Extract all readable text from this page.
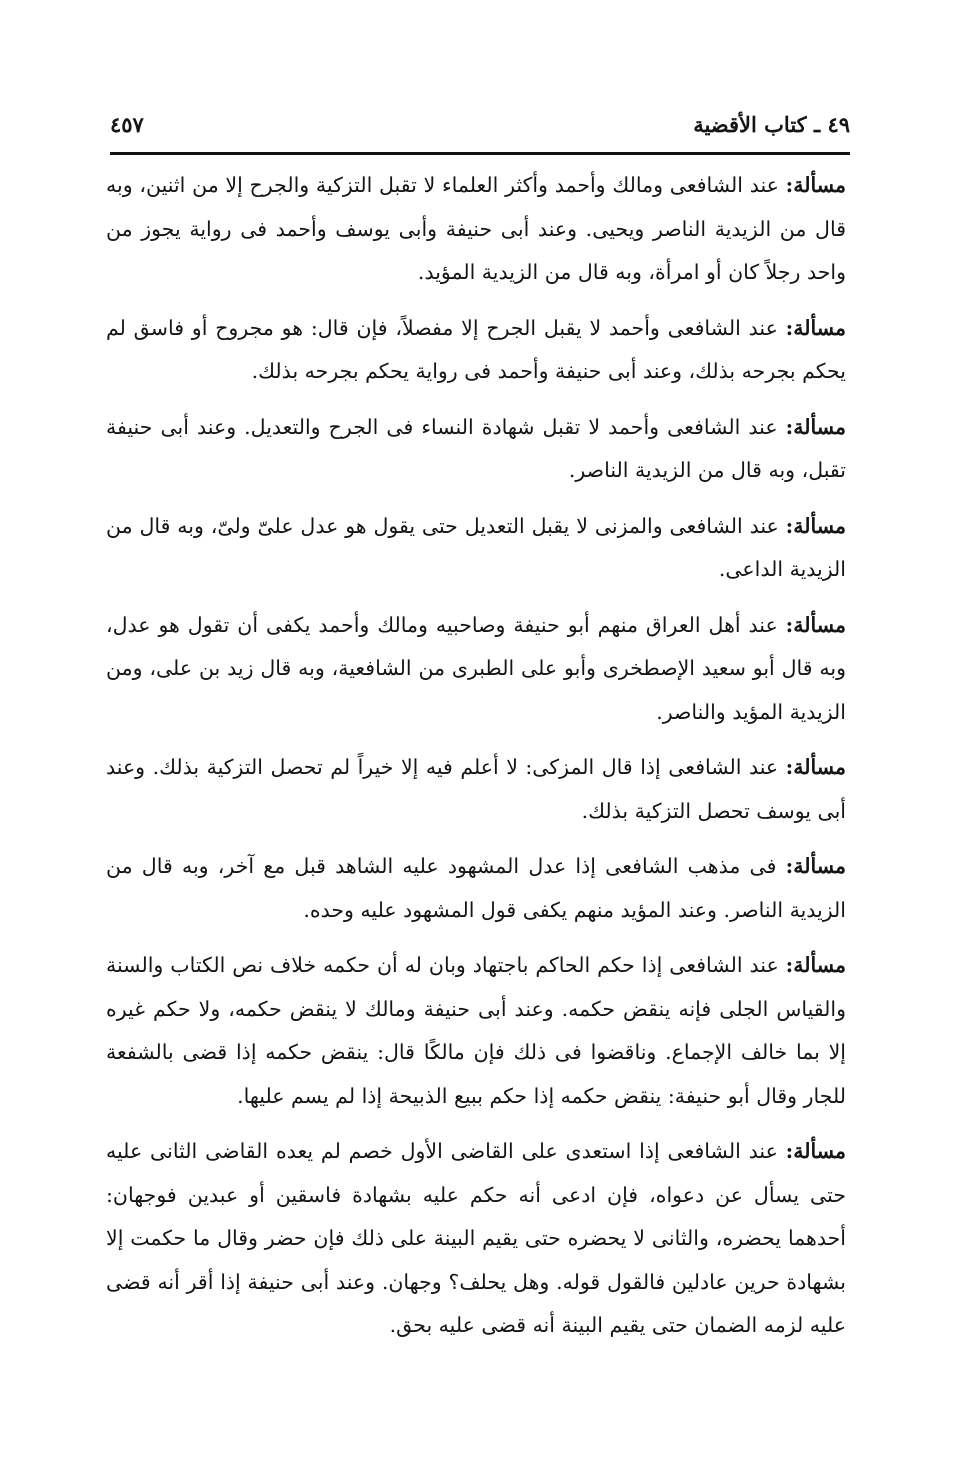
٤٩ ـ كتاب الأقضية
٤٥٧

مسألة: عند الشافعى ومالك وأحمد وأكثر العلماء لا تقبل التزكية والجرح إلا من اثنين، وبه قال من الزيدية الناصر ويحيى. وعند أبى حنيفة وأبى يوسف وأحمد فى رواية يجوز من واحد رجلاً كان أو امرأة، وبه قال من الزيدية المؤيد.

مسألة: عند الشافعى وأحمد لا يقبل الجرح إلا مفصلاً، فإن قال: هو مجروح أو فاسق لم يحكم بجرحه بذلك، وعند أبى حنيفة وأحمد فى رواية يحكم بجرحه بذلك.

مسألة: عند الشافعى وأحمد لا تقبل شهادة النساء فى الجرح والتعديل. وعند أبى حنيفة تقبل، وبه قال من الزيدية الناصر.

مسألة: عند الشافعى والمزنى لا يقبل التعديل حتى يقول هو عدل علىّ ولىّ، وبه قال من الزيدية الداعى.

مسألة: عند أهل العراق منهم أبو حنيفة وصاحبيه ومالك وأحمد يكفى أن تقول هو عدل، وبه قال أبو سعيد الإصطخرى وأبو على الطبرى من الشافعية، وبه قال زيد بن على، ومن الزيدية المؤيد والناصر.

مسألة: عند الشافعى إذا قال المزكى: لا أعلم فيه إلا خيراً لم تحصل التزكية بذلك. وعند أبى يوسف تحصل التزكية بذلك.

مسألة: فى مذهب الشافعى إذا عدل المشهود عليه الشاهد قبل مع آخر، وبه قال من الزيدية الناصر. وعند المؤيد منهم يكفى قول المشهود عليه وحده.

مسألة: عند الشافعى إذا حكم الحاكم باجتهاد وبان له أن حكمه خلاف نص الكتاب والسنة والقياس الجلى فإنه ينقض حكمه. وعند أبى حنيفة ومالك لا ينقض حكمه، ولا حكم غيره إلا بما خالف الإجماع. وناقضوا فى ذلك فإن مالكًا قال: ينقض حكمه إذا قضى بالشفعة للجار وقال أبو حنيفة: ينقض حكمه إذا حكم ببيع الذبيحة إذا لم يسم عليها.

مسألة: عند الشافعى إذا استعدى على القاضى الأول خصم لم يعده القاضى الثانى عليه حتى يسأل عن دعواه، فإن ادعى أنه حكم عليه بشهادة فاسقين أو عبدين فوجهان: أحدهما يحضره، والثانى لا يحضره حتى يقيم البينة على ذلك فإن حضر وقال ما حكمت إلا بشهادة حرين عادلين فالقول قوله. وهل يحلف؟ وجهان. وعند أبى حنيفة إذا أقر أنه قضى عليه لزمه الضمان حتى يقيم البينة أنه قضى عليه بحق.
